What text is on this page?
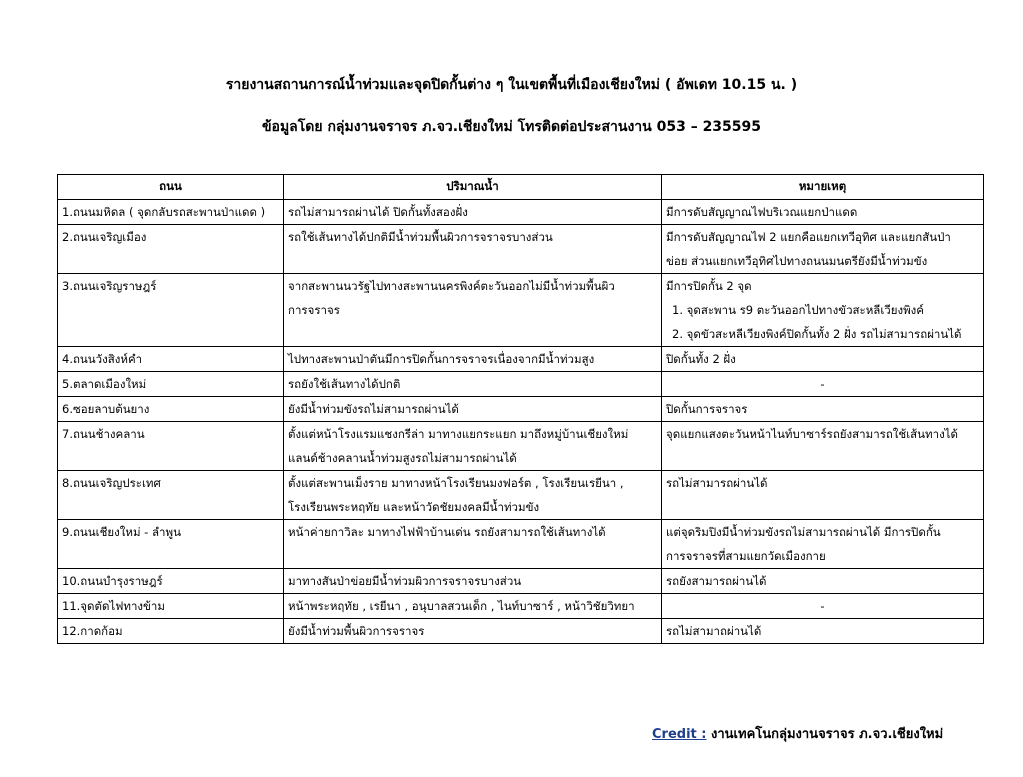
รายงานสถานการณ์น้ำท่วมและจุดปิดกั้นต่าง ๆ ในเขตพื้นที่เมืองเชียงใหม่ ( อัพเดท 10.15 น. )
ข้อมูลโดย กลุ่มงานจราจร ภ.จว.เชียงใหม่ โทรติดต่อประสานงาน 053 – 235595
ถนน	ปริมาณน้ำ	หมายเหตุ

1.ถนนมหิดล ( จุดกลับรถสะพานป่าแดด )	รถไม่สามารถผ่านได้ ปิดกั้นทั้งสองฝั่ง	มีการดับสัญญาณไฟบริเวณแยกป่าแดด

2.ถนนเจริญเมือง	รถใช้เส้นทางได้ปกติมีน้ำท่วมพื้นผิวการจราจรบางส่วน	มีการดับสัญญาณไฟ 2 แยกคือแยกเทวีอุทิศ และแยกสันป่า
ข่อย ส่วนแยกเทวีอุทิศไปทางถนนมนตรียังมีน้ำท่วมขัง

3.ถนนเจริญราษฎร์	จากสะพานนวรัฐไปทางสะพานนครพิงค์ตะวันออกไม่มีน้ำท่วมพื้นผิว
การจราจร	มีการปิดกั้น 2 จุด
1. จุดสะพาน ร9 ตะวันออกไปทางขัวสะหลีเวียงพิงค์
2. จุดขัวสะหลีเวียงพิงค์ปิดกั้นทั้ง 2 ฝั่ง รถไม่สามารถผ่านได้

4.ถนนวังสิงห์คำ	ไปทางสะพานป่าตันมีการปิดกั้นการจราจรเนื่องจากมีน้ำท่วมสูง	ปิดกั้นทั้ง 2 ฝั่ง

5.ตลาดเมืองใหม่	รถยังใช้เส้นทางได้ปกติ	-

6.ซอยลาบต้นยาง	ยังมีน้ำท่วมขังรถไม่สามารถผ่านได้	ปิดกั้นการจราจร

7.ถนนช้างคลาน	ตั้งแต่หน้าโรงแรมแชงกรีล่า มาทางแยกระแยก มาถึงหมู่บ้านเชียงใหม่
แลนด์ช้างคลานน้ำท่วมสูงรถไม่สามารถผ่านได้	จุดแยกแสงตะวันหน้าไนท์บาซาร์รถยังสามารถใช้เส้นทางได้

8.ถนนเจริญประเทศ	ตั้งแต่สะพานเม็งราย มาทางหน้าโรงเรียนมงฟอร์ต , โรงเรียนเรยีนา ,
โรงเรียนพระหฤทัย และหน้าวัดชัยมงคลมีน้ำท่วมขัง	รถไม่สามารถผ่านได้

9.ถนนเชียงใหม่ - ลำพูน	หน้าค่ายกาวิละ มาทางไฟฟ้าบ้านเด่น รถยังสามารถใช้เส้นทางได้	แต่จุดริมปิงมีน้ำท่วมขังรถไม่สามารถผ่านได้ มีการปิดกั้น
การจราจรที่สามแยกวัดเมืองกาย

10.ถนนบำรุงราษฎร์	มาทางสันป่าข่อยมีน้ำท่วมผิวการจราจรบางส่วน	รถยังสามารถผ่านได้

11.จุดตัดไฟทางข้าม	หน้าพระหฤทัย , เรยีนา , อนุบาลสวนเด็ก , ไนท์บาซาร์ , หน้าวิชัยวิทยา	-

12.กาดก้อม	ยังมีน้ำท่วมพื้นผิวการจราจร	รถไม่สามาถผ่านได้
Credit : งานเทคโนกลุ่มงานจราจร ภ.จว.เชียงใหม่
